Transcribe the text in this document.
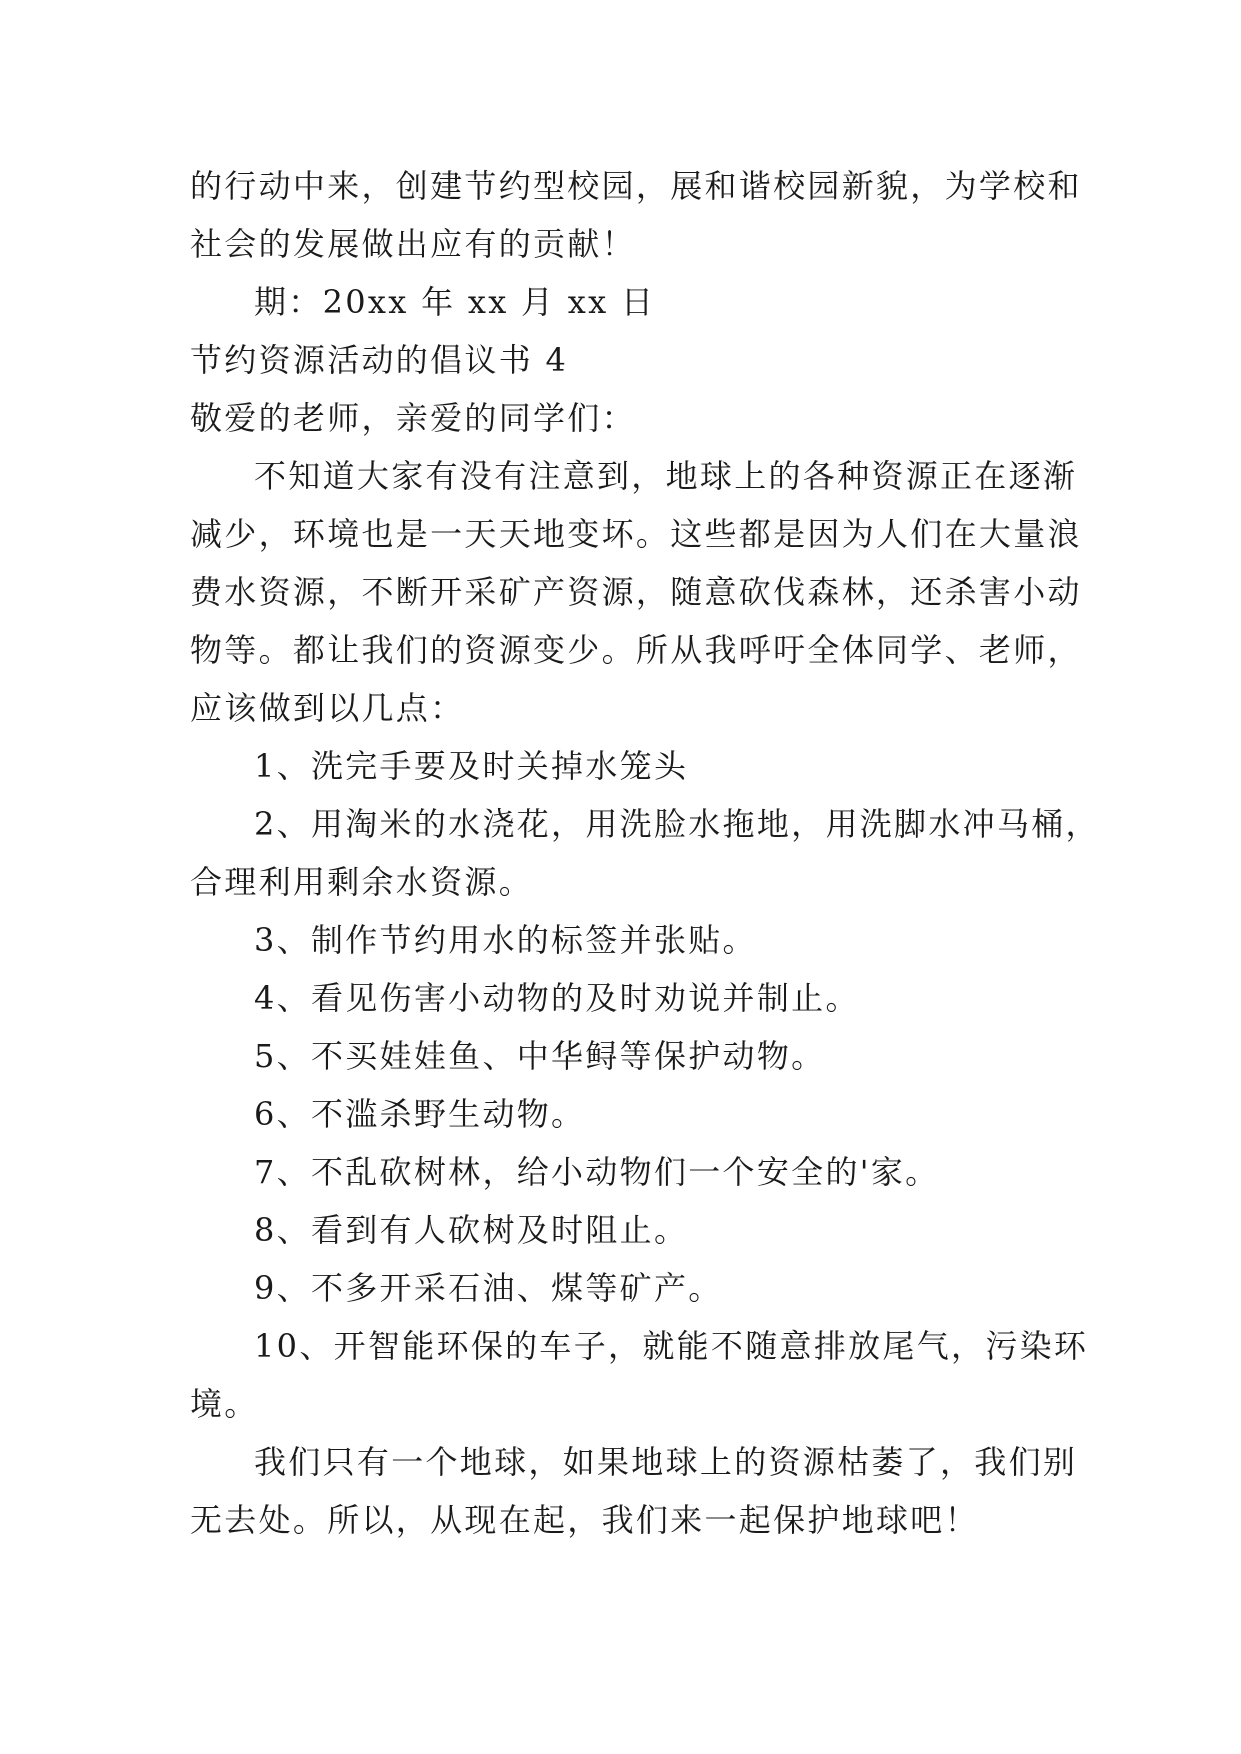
的行动中来，创建节约型校园，展和谐校园新貌，为学校和

社会的发展做出应有的贡献！

期：20xx 年 xx 月 xx 日

节约资源活动的倡议书 4

敬爱的老师，亲爱的同学们：

不知道大家有没有注意到，地球上的各种资源正在逐渐

减少，环境也是一天天地变坏。这些都是因为人们在大量浪

费水资源，不断开采矿产资源，随意砍伐森林，还杀害小动

物等。都让我们的资源变少。所从我呼吁全体同学、老师，

应该做到以几点：

1、洗完手要及时关掉水笼头

2、用淘米的水浇花，用洗脸水拖地，用洗脚水冲马桶，

合理利用剩余水资源。

3、制作节约用水的标签并张贴。

4、看见伤害小动物的及时劝说并制止。

5、不买娃娃鱼、中华鲟等保护动物。

6、不滥杀野生动物。

7、不乱砍树林，给小动物们一个安全的'家。

8、看到有人砍树及时阻止。

9、不多开采石油、煤等矿产。

10、开智能环保的车子，就能不随意排放尾气，污染环

境。

我们只有一个地球，如果地球上的资源枯萎了，我们别

无去处。所以，从现在起，我们来一起保护地球吧！
